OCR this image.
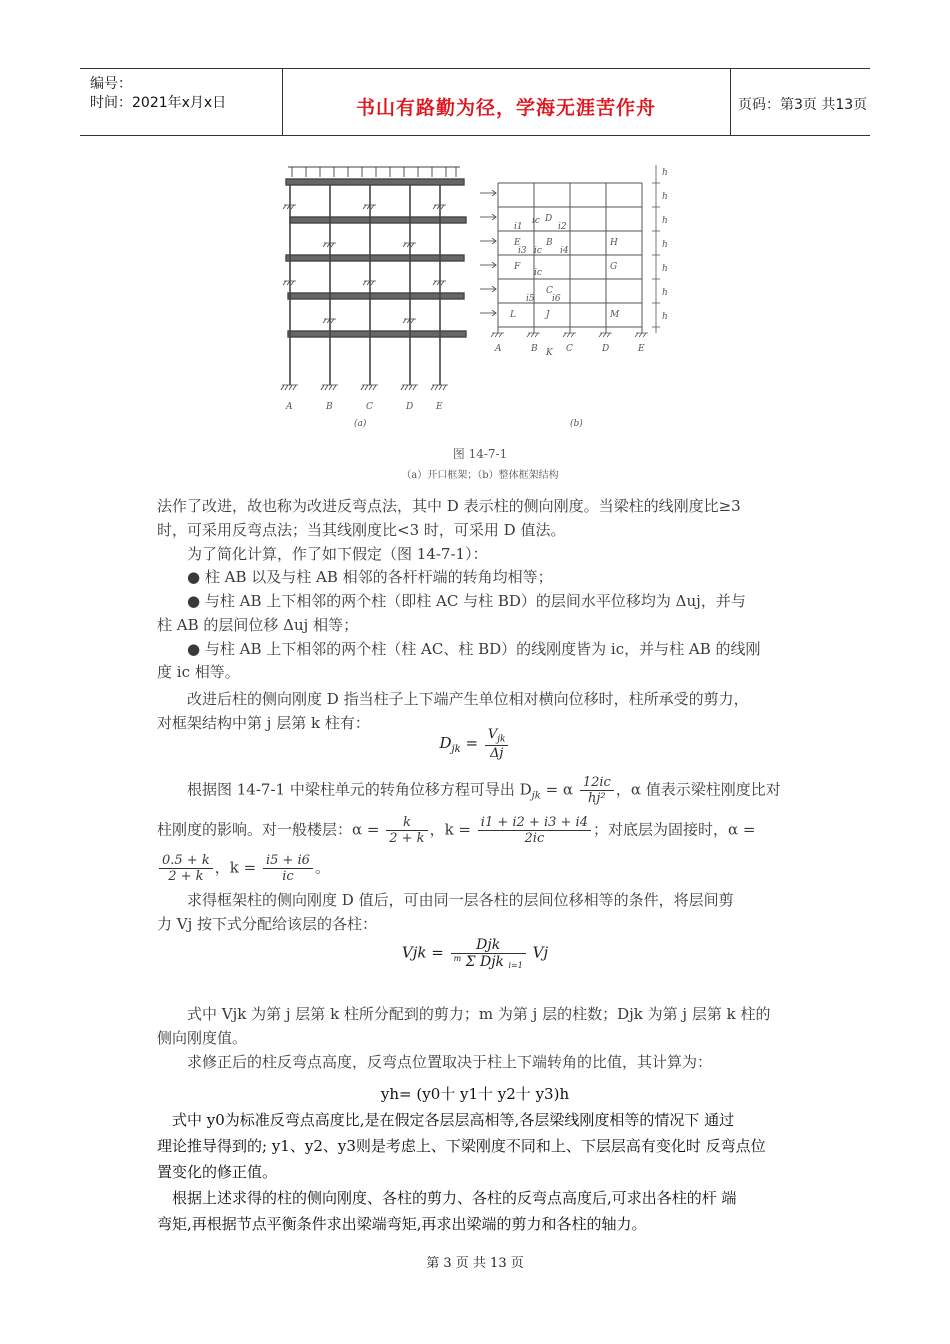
编号：
时间：2021年x月x日	书山有路勤为径，学海无涯苦作舟	页码：第3页 共13页
A	B	C	D	E
(a)
h
h
h
h
h
h
h
D
B	H
E
F	G
C
L	J	M
i1
ic
i2
i3 ic i4
ic
i5 i6
A	B K C	D	E
(b)
图 14-7-1
（a）开口框架；（b）整体框架结构
法作了改进，故也称为改进反弯点法，其中 D 表示柱的侧向刚度。当梁柱的线刚度比≥3
时，可采用反弯点法；当其线刚度比<3 时，可采用 D 值法。
为了简化计算，作了如下假定（图 14-7-1）：
● 柱 AB 以及与柱 AB 相邻的各杆杆端的转角均相等；
● 与柱 AB 上下相邻的两个柱（即柱 AC 与柱 BD）的层间水平位移均为 Δuj，并与
柱 AB 的层间位移 Δuj 相等；
● 与柱 AB 上下相邻的两个柱（柱 AC、柱 BD）的线刚度皆为 ic，并与柱 AB 的线刚
度 ic 相等。
改进后柱的侧向刚度 D 指当柱子上下端产生单位相对横向位移时，柱所承受的剪力，
对框架结构中第 j 层第 k 柱有：
$D_{jk} = \frac{V_{jk}}{\Delta j}$
根据图 14-7-1 中梁柱单元的转角位移方程可导出 $D_{jk} = \alpha \frac{12ic}{\text{hj²}}$ ，α 值表示梁柱刚度比对
柱刚度的影响。对一般楼层：$\alpha = \frac{k}{2 + k}$ ，$k = \frac{i1 + i2 + i3 + i4}{2ic}$ ；对底层为固接时，α =
$\frac{0.5 + k}{2 + k}$ ，$k = \frac{i5 + i6}{ic}$ 。
求得框架柱的侧向刚度 D 值后，可由同一层各柱的层间位移相等的条件，将层间剪
力 Vj 按下式分配给该层的各柱：
Vjk = $\frac{\text{Djk}}{^m \Sigma Djk i=1}$ Vj
式中 Vjk 为第 j 层第 k 柱所分配到的剪力；m 为第 j 层的柱数；Djk 为第 j 层第 k 柱的
侧向刚度值。
求修正后的柱反弯点高度，反弯点位置取决于柱上下端转角的比值，其计算为：
yh= (y0十 y1十 y2十 y3)h
式中 y0为标准反弯点高度比,是在假定各层层高相等,各层梁线刚度相等的情况下 通过
理论推导得到的; y1、y2、y3则是考虑上、下梁刚度不同和上、下层层高有变化时 反弯点位
置变化的修正值。
根据上述求得的柱的侧向刚度、各柱的剪力、各柱的反弯点高度后,可求出各柱的杆 端
弯矩,再根据节点平衡条件求出梁端弯矩,再求出梁端的剪力和各柱的轴力。
第 3 页 共 13 页
